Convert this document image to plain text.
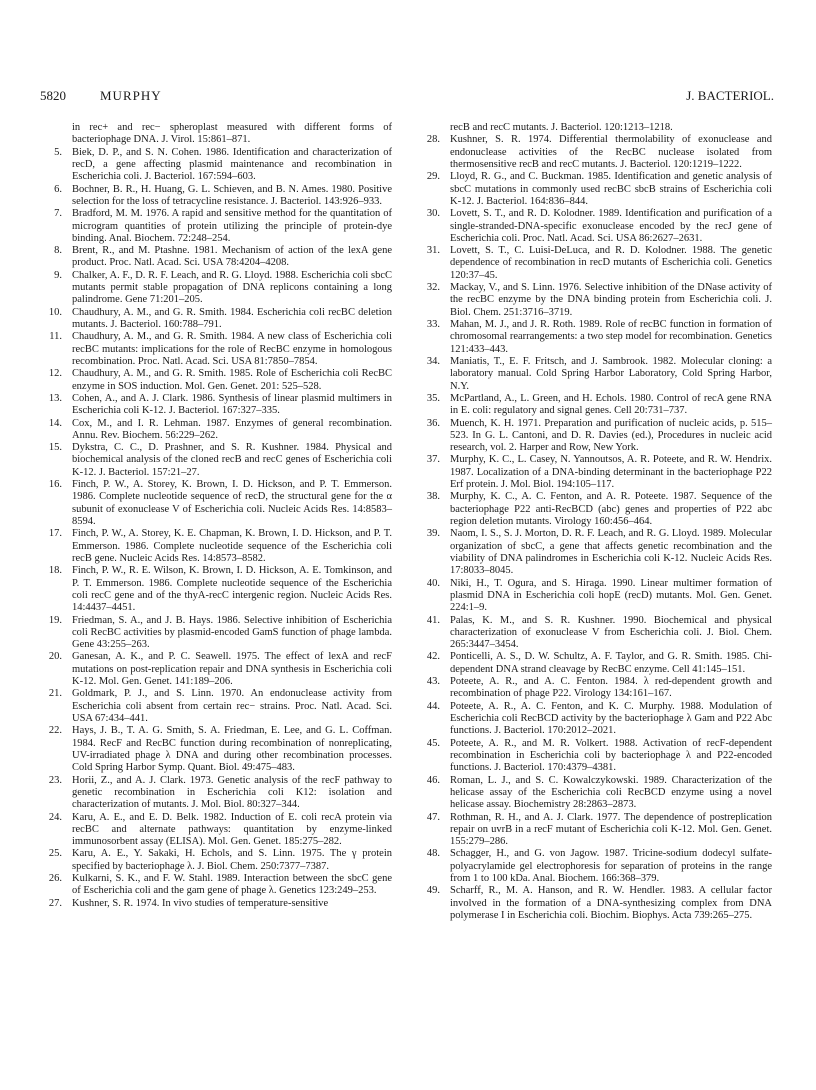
5820	MURPHY	J. BACTERIOL.
in rec+ and rec− spheroplast measured with different forms of bacteriophage DNA. J. Virol. 15:861–871.
5. Biek, D. P., and S. N. Cohen. 1986. Identification and characterization of recD, a gene affecting plasmid maintenance and recombination in Escherichia coli. J. Bacteriol. 167:594–603.
6. Bochner, B. R., H. Huang, G. L. Schieven, and B. N. Ames. 1980. Positive selection for the loss of tetracycline resistance. J. Bacteriol. 143:926–933.
7. Bradford, M. M. 1976. A rapid and sensitive method for the quantitation of microgram quantities of protein utilizing the principle of protein-dye binding. Anal. Biochem. 72:248–254.
8. Brent, R., and M. Ptashne. 1981. Mechanism of action of the lexA gene product. Proc. Natl. Acad. Sci. USA 78:4204–4208.
9. Chalker, A. F., D. R. F. Leach, and R. G. Lloyd. 1988. Escherichia coli sbcC mutants permit stable propagation of DNA replicons containing a long palindrome. Gene 71:201–205.
10. Chaudhury, A. M., and G. R. Smith. 1984. Escherichia coli recBC deletion mutants. J. Bacteriol. 160:788–791.
11. Chaudhury, A. M., and G. R. Smith. 1984. A new class of Escherichia coli recBC mutants: implications for the role of RecBC enzyme in homologous recombination. Proc. Natl. Acad. Sci. USA 81:7850–7854.
12. Chaudhury, A. M., and G. R. Smith. 1985. Role of Escherichia coli RecBC enzyme in SOS induction. Mol. Gen. Genet. 201: 525–528.
13. Cohen, A., and A. J. Clark. 1986. Synthesis of linear plasmid multimers in Escherichia coli K-12. J. Bacteriol. 167:327–335.
14. Cox, M., and I. R. Lehman. 1987. Enzymes of general recombination. Annu. Rev. Biochem. 56:229–262.
15. Dykstra, C. C., D. Prashner, and S. R. Kushner. 1984. Physical and biochemical analysis of the cloned recB and recC genes of Escherichia coli K-12. J. Bacteriol. 157:21–27.
16. Finch, P. W., A. Storey, K. Brown, I. D. Hickson, and P. T. Emmerson. 1986. Complete nucleotide sequence of recD, the structural gene for the α subunit of exonuclease V of Escherichia coli. Nucleic Acids Res. 14:8583–8594.
17. Finch, P. W., A. Storey, K. E. Chapman, K. Brown, I. D. Hickson, and P. T. Emmerson. 1986. Complete nucleotide sequence of the Escherichia coli recB gene. Nucleic Acids Res. 14:8573–8582.
18. Finch, P. W., R. E. Wilson, K. Brown, I. D. Hickson, A. E. Tomkinson, and P. T. Emmerson. 1986. Complete nucleotide sequence of the Escherichia coli recC gene and of the thyA-recC intergenic region. Nucleic Acids Res. 14:4437–4451.
19. Friedman, S. A., and J. B. Hays. 1986. Selective inhibition of Escherichia coli RecBC activities by plasmid-encoded GamS function of phage lambda. Gene 43:255–263.
20. Ganesan, A. K., and P. C. Seawell. 1975. The effect of lexA and recF mutations on post-replication repair and DNA synthesis in Escherichia coli K-12. Mol. Gen. Genet. 141:189–206.
21. Goldmark, P. J., and S. Linn. 1970. An endonuclease activity from Escherichia coli absent from certain rec− strains. Proc. Natl. Acad. Sci. USA 67:434–441.
22. Hays, J. B., T. A. G. Smith, S. A. Friedman, E. Lee, and G. L. Coffman. 1984. RecF and RecBC function during recombination of nonreplicating, UV-irradiated phage λ DNA and during other recombination processes. Cold Spring Harbor Symp. Quant. Biol. 49:475–483.
23. Horii, Z., and A. J. Clark. 1973. Genetic analysis of the recF pathway to genetic recombination in Escherichia coli K12: isolation and characterization of mutants. J. Mol. Biol. 80:327–344.
24. Karu, A. E., and E. D. Belk. 1982. Induction of E. coli recA protein via recBC and alternate pathways: quantitation by enzyme-linked immunosorbent assay (ELISA). Mol. Gen. Genet. 185:275–282.
25. Karu, A. E., Y. Sakaki, H. Echols, and S. Linn. 1975. The γ protein specified by bacteriophage λ. J. Biol. Chem. 250:7377–7387.
26. Kulkarni, S. K., and F. W. Stahl. 1989. Interaction between the sbcC gene of Escherichia coli and the gam gene of phage λ. Genetics 123:249–253.
27. Kushner, S. R. 1974. In vivo studies of temperature-sensitive
recB and recC mutants. J. Bacteriol. 120:1213–1218.
28. Kushner, S. R. 1974. Differential thermolability of exonuclease and endonuclease activities of the RecBC nuclease isolated from thermosensitive recB and recC mutants. J. Bacteriol. 120:1219–1222.
29. Lloyd, R. G., and C. Buckman. 1985. Identification and genetic analysis of sbcC mutations in commonly used recBC sbcB strains of Escherichia coli K-12. J. Bacteriol. 164:836–844.
30. Lovett, S. T., and R. D. Kolodner. 1989. Identification and purification of a single-stranded-DNA-specific exonuclease encoded by the recJ gene of Escherichia coli. Proc. Natl. Acad. Sci. USA 86:2627–2631.
31. Lovett, S. T., C. Luisi-DeLuca, and R. D. Kolodner. 1988. The genetic dependence of recombination in recD mutants of Escherichia coli. Genetics 120:37–45.
32. Mackay, V., and S. Linn. 1976. Selective inhibition of the DNase activity of the recBC enzyme by the DNA binding protein from Escherichia coli. J. Biol. Chem. 251:3716–3719.
33. Mahan, M. J., and J. R. Roth. 1989. Role of recBC function in formation of chromosomal rearrangements: a two step model for recombination. Genetics 121:433–443.
34. Maniatis, T., E. F. Fritsch, and J. Sambrook. 1982. Molecular cloning: a laboratory manual. Cold Spring Harbor Laboratory, Cold Spring Harbor, N.Y.
35. McPartland, A., L. Green, and H. Echols. 1980. Control of recA gene RNA in E. coli: regulatory and signal genes. Cell 20:731–737.
36. Muench, K. H. 1971. Preparation and purification of nucleic acids, p. 515–523. In G. L. Cantoni, and D. R. Davies (ed.), Procedures in nucleic acid research, vol. 2. Harper and Row, New York.
37. Murphy, K. C., L. Casey, N. Yannoutsos, A. R. Poteete, and R. W. Hendrix. 1987. Localization of a DNA-binding determinant in the bacteriophage P22 Erf protein. J. Mol. Biol. 194:105–117.
38. Murphy, K. C., A. C. Fenton, and A. R. Poteete. 1987. Sequence of the bacteriophage P22 anti-RecBCD (abc) genes and properties of P22 abc region deletion mutants. Virology 160:456–464.
39. Naom, I. S., S. J. Morton, D. R. F. Leach, and R. G. Lloyd. 1989. Molecular organization of sbcC, a gene that affects genetic recombination and the viability of DNA palindromes in Escherichia coli K-12. Nucleic Acids Res. 17:8033–8045.
40. Niki, H., T. Ogura, and S. Hiraga. 1990. Linear multimer formation of plasmid DNA in Escherichia coli hopE (recD) mutants. Mol. Gen. Genet. 224:1–9.
41. Palas, K. M., and S. R. Kushner. 1990. Biochemical and physical characterization of exonuclease V from Escherichia coli. J. Biol. Chem. 265:3447–3454.
42. Ponticelli, A. S., D. W. Schultz, A. F. Taylor, and G. R. Smith. 1985. Chi-dependent DNA strand cleavage by RecBC enzyme. Cell 41:145–151.
43. Poteete, A. R., and A. C. Fenton. 1984. λ red-dependent growth and recombination of phage P22. Virology 134:161–167.
44. Poteete, A. R., A. C. Fenton, and K. C. Murphy. 1988. Modulation of Escherichia coli RecBCD activity by the bacteriophage λ Gam and P22 Abc functions. J. Bacteriol. 170:2012–2021.
45. Poteete, A. R., and M. R. Volkert. 1988. Activation of recF-dependent recombination in Escherichia coli by bacteriophage λ and P22-encoded functions. J. Bacteriol. 170:4379–4381.
46. Roman, L. J., and S. C. Kowalczykowski. 1989. Characterization of the helicase assay of the Escherichia coli RecBCD enzyme using a novel helicase assay. Biochemistry 28:2863–2873.
47. Rothman, R. H., and A. J. Clark. 1977. The dependence of postreplication repair on uvrB in a recF mutant of Escherichia coli K-12. Mol. Gen. Genet. 155:279–286.
48. Schagger, H., and G. von Jagow. 1987. Tricine-sodium dodecyl sulfate-polyacrylamide gel electrophoresis for separation of proteins in the range from 1 to 100 kDa. Anal. Biochem. 166:368–379.
49. Scharff, R., M. A. Hanson, and R. W. Hendler. 1983. A cellular factor involved in the formation of a DNA-synthesizing complex from DNA polymerase I in Escherichia coli. Biochim. Biophys. Acta 739:265–275.
